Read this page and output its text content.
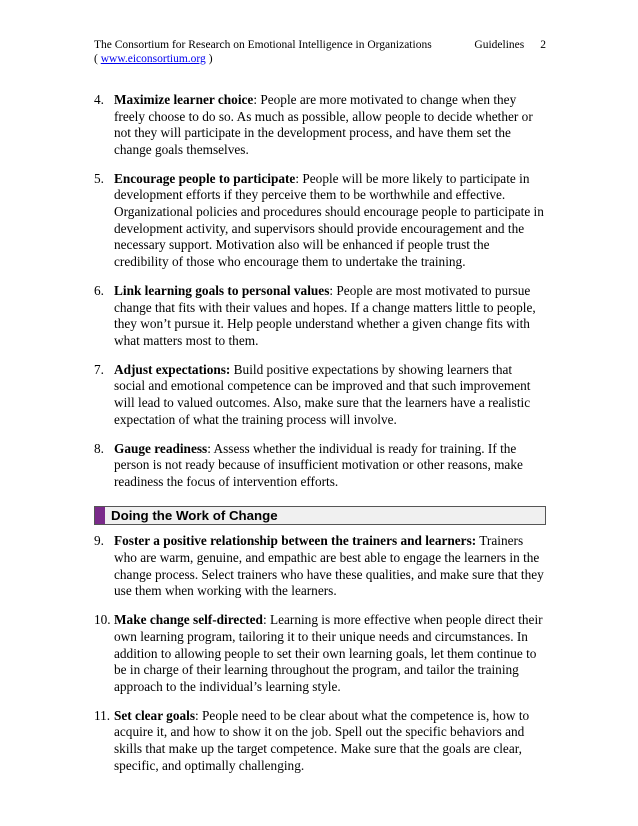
The Consortium for Research on Emotional Intelligence in Organizations	Guidelines 2
( www.eiconsortium.org )
4. Maximize learner choice: People are more motivated to change when they freely choose to do so. As much as possible, allow people to decide whether or not they will participate in the development process, and have them set the change goals themselves.
5. Encourage people to participate: People will be more likely to participate in development efforts if they perceive them to be worthwhile and effective. Organizational policies and procedures should encourage people to participate in development activity, and supervisors should provide encouragement and the necessary support. Motivation also will be enhanced if people trust the credibility of those who encourage them to undertake the training.
6. Link learning goals to personal values: People are most motivated to pursue change that fits with their values and hopes. If a change matters little to people, they won’t pursue it. Help people understand whether a given change fits with what matters most to them.
7. Adjust expectations: Build positive expectations by showing learners that social and emotional competence can be improved and that such improvement will lead to valued outcomes. Also, make sure that the learners have a realistic expectation of what the training process will involve.
8. Gauge readiness: Assess whether the individual is ready for training. If the person is not ready because of insufficient motivation or other reasons, make readiness the focus of intervention efforts.
Doing the Work of Change
9. Foster a positive relationship between the trainers and learners: Trainers who are warm, genuine, and empathic are best able to engage the learners in the change process. Select trainers who have these qualities, and make sure that they use them when working with the learners.
10. Make change self-directed: Learning is more effective when people direct their own learning program, tailoring it to their unique needs and circumstances. In addition to allowing people to set their own learning goals, let them continue to be in charge of their learning throughout the program, and tailor the training approach to the individual’s learning style.
11. Set clear goals: People need to be clear about what the competence is, how to acquire it, and how to show it on the job. Spell out the specific behaviors and skills that make up the target competence. Make sure that the goals are clear, specific, and optimally challenging.
